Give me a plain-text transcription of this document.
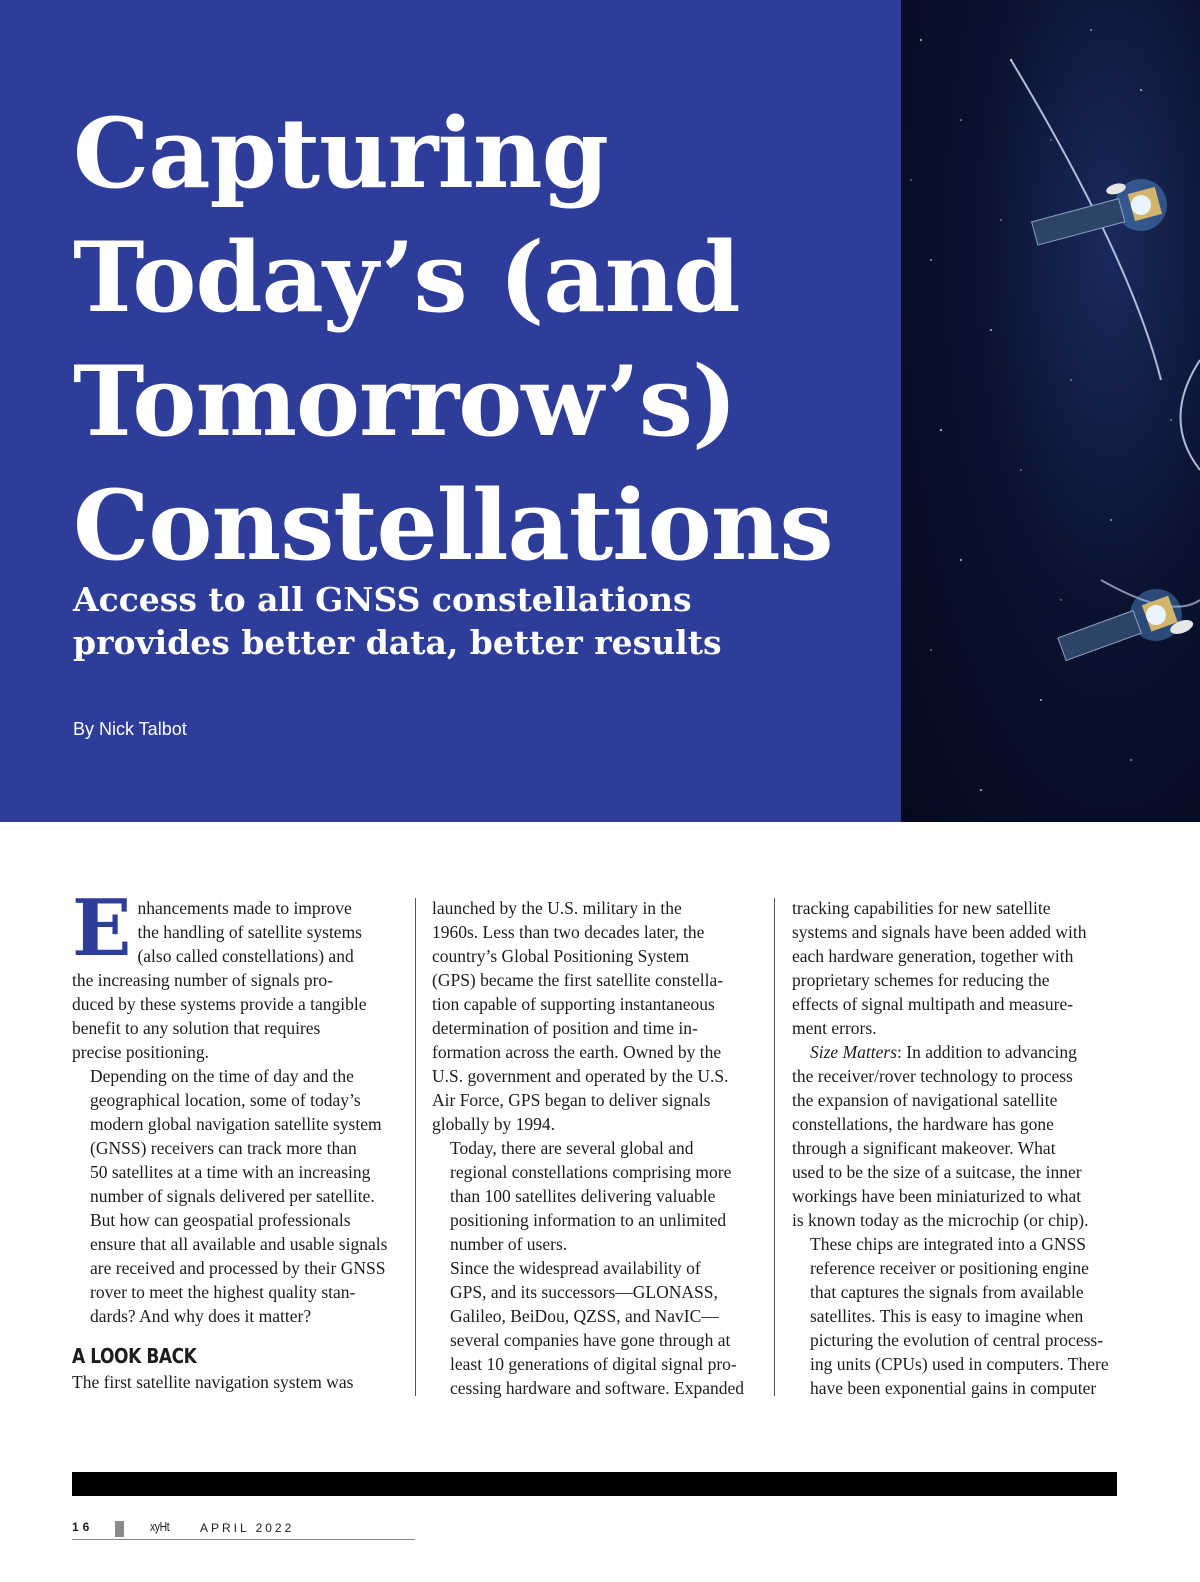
Capturing
Today’s (and
Tomorrow’s)
Constellations
Access to all GNSS constellations
provides better data, better results

By Nick Talbot

E nhancements made to improve
the handling of satellite systems
(also called constellations) and
the increasing number of signals pro-
duced by these systems provide a tangible
benefit to any solution that requires
precise positioning.

Depending on the time of day and the
geographical location, some of today’s
modern global navigation satellite system
(GNSS) receivers can track more than
50 satellites at a time with an increasing
number of signals delivered per satellite.
But how can geospatial professionals
ensure that all available and usable signals
are received and processed by their GNSS
rover to meet the highest quality stan-
dards? And why does it matter?

A LOOK BACK

The first satellite navigation system was

launched by the U.S. military in the
1960s. Less than two decades later, the
country’s Global Positioning System
(GPS) became the first satellite constella-
tion capable of supporting instantaneous
determination of position and time in-
formation across the earth. Owned by the
U.S. government and operated by the U.S.
Air Force, GPS began to deliver signals
globally by 1994.

Today, there are several global and
regional constellations comprising more
than 100 satellites delivering valuable
positioning information to an unlimited
number of users.

Since the widespread availability of
GPS, and its successors—GLONASS,
Galileo, BeiDou, QZSS, and NavIC—
several companies have gone through at
least 10 generations of digital signal pro-
cessing hardware and software. Expanded

tracking capabilities for new satellite
systems and signals have been added with
each hardware generation, together with
proprietary schemes for reducing the
effects of signal multipath and measure-
ment errors.

Size Matters: In addition to advancing
the receiver/rover technology to process
the expansion of navigational satellite
constellations, the hardware has gone
through a significant makeover. What
used to be the size of a suitcase, the inner
workings have been miniaturized to what
is known today as the microchip (or chip).

These chips are integrated into a GNSS
reference receiver or positioning engine
that captures the signals from available
satellites. This is easy to imagine when
picturing the evolution of central process-
ing units (CPUs) used in computers. There
have been exponential gains in computer

16	xyHt	APRIL 2022
